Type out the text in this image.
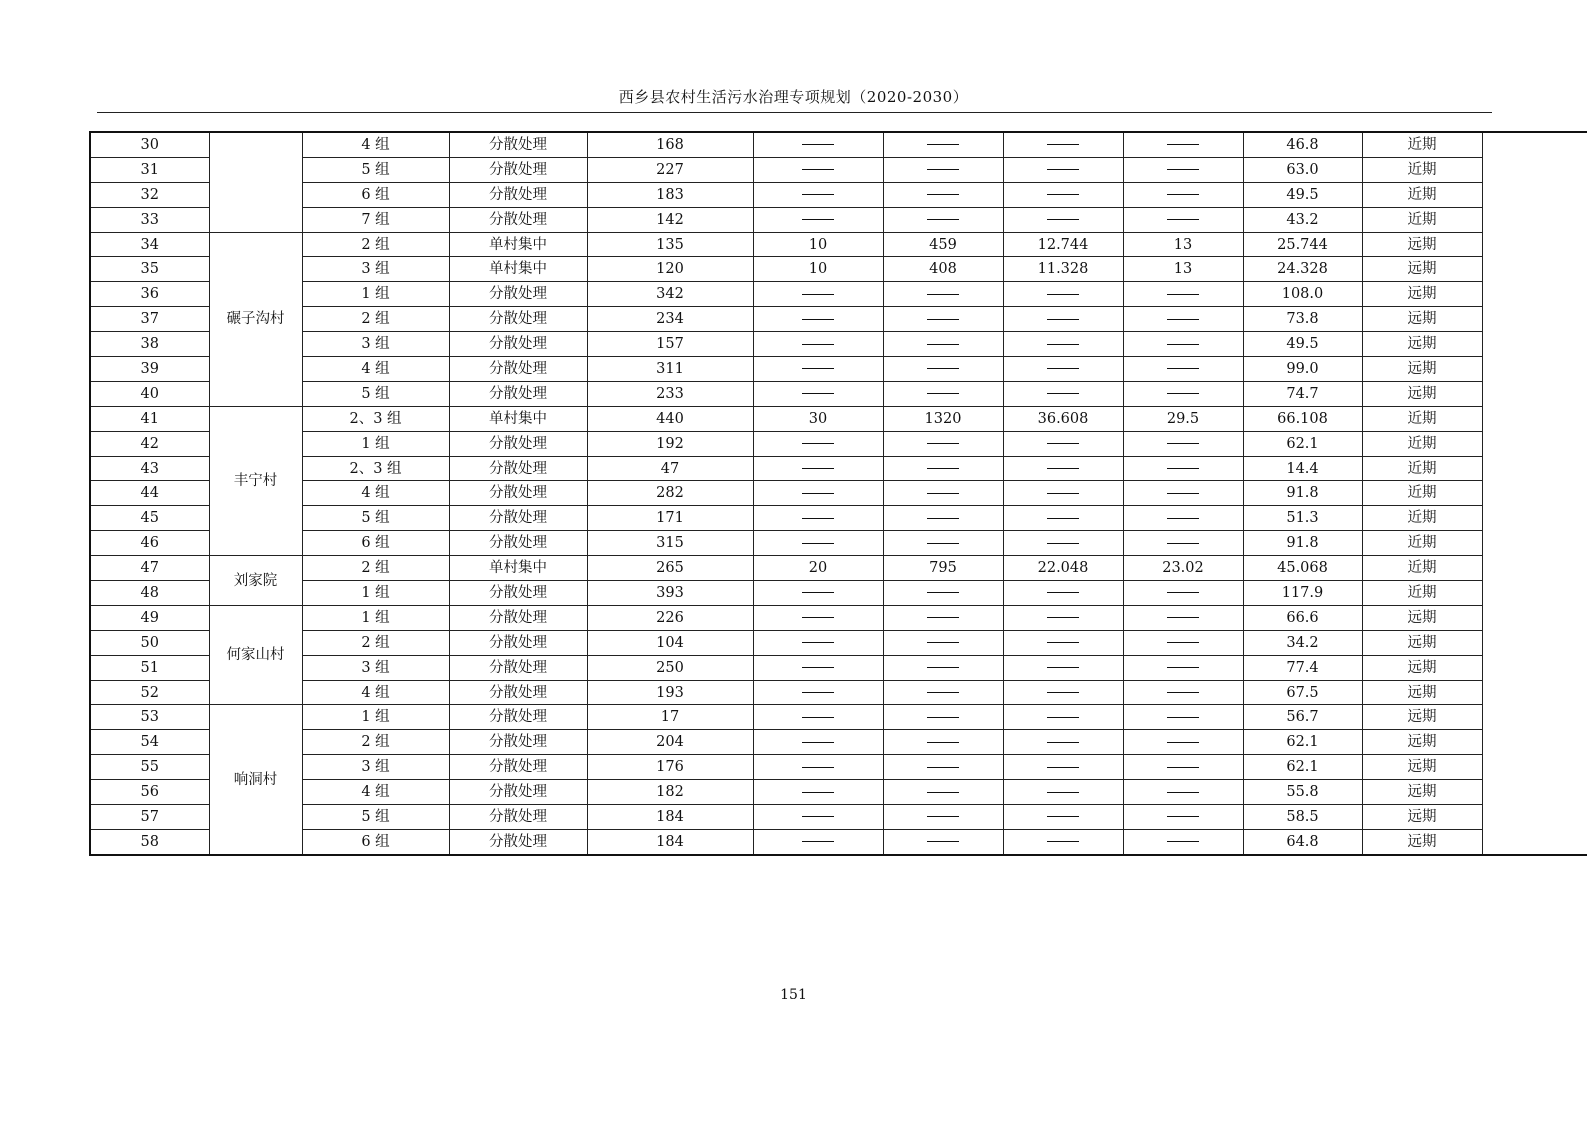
西乡县农村生活污水治理专项规划（2020-2030）
30		4 组	分散处理	168					46.8	近期
31		5 组	分散处理	227					63.0	近期
32		6 组	分散处理	183					49.5	近期
33		7 组	分散处理	142					43.2	近期
34	碾子沟村	2 组	单村集中	135	10	459	12.744	13	25.744	远期
35		3 组	单村集中	120	10	408	11.328	13	24.328	远期
36		1 组	分散处理	342					108.0	远期
37		2 组	分散处理	234					73.8	远期
38		3 组	分散处理	157					49.5	远期
39		4 组	分散处理	311					99.0	远期
40		5 组	分散处理	233					74.7	远期
41	丰宁村	2、3 组	单村集中	440	30	1320	36.608	29.5	66.108	近期
42		1 组	分散处理	192					62.1	近期
43		2、3 组	分散处理	47					14.4	近期
44		4 组	分散处理	282					91.8	近期
45		5 组	分散处理	171					51.3	近期
46		6 组	分散处理	315					91.8	近期
47	刘家院	2 组	单村集中	265	20	795	22.048	23.02	45.068	近期
48		1 组	分散处理	393					117.9	近期
49	何家山村	1 组	分散处理	226					66.6	远期
50		2 组	分散处理	104					34.2	远期
51		3 组	分散处理	250					77.4	远期
52		4 组	分散处理	193					67.5	远期
53	响洞村	1 组	分散处理	17					56.7	远期
54		2 组	分散处理	204					62.1	远期
55		3 组	分散处理	176					62.1	远期
56		4 组	分散处理	182					55.8	远期
57		5 组	分散处理	184					58.5	远期
58		6 组	分散处理	184					64.8	远期
151
